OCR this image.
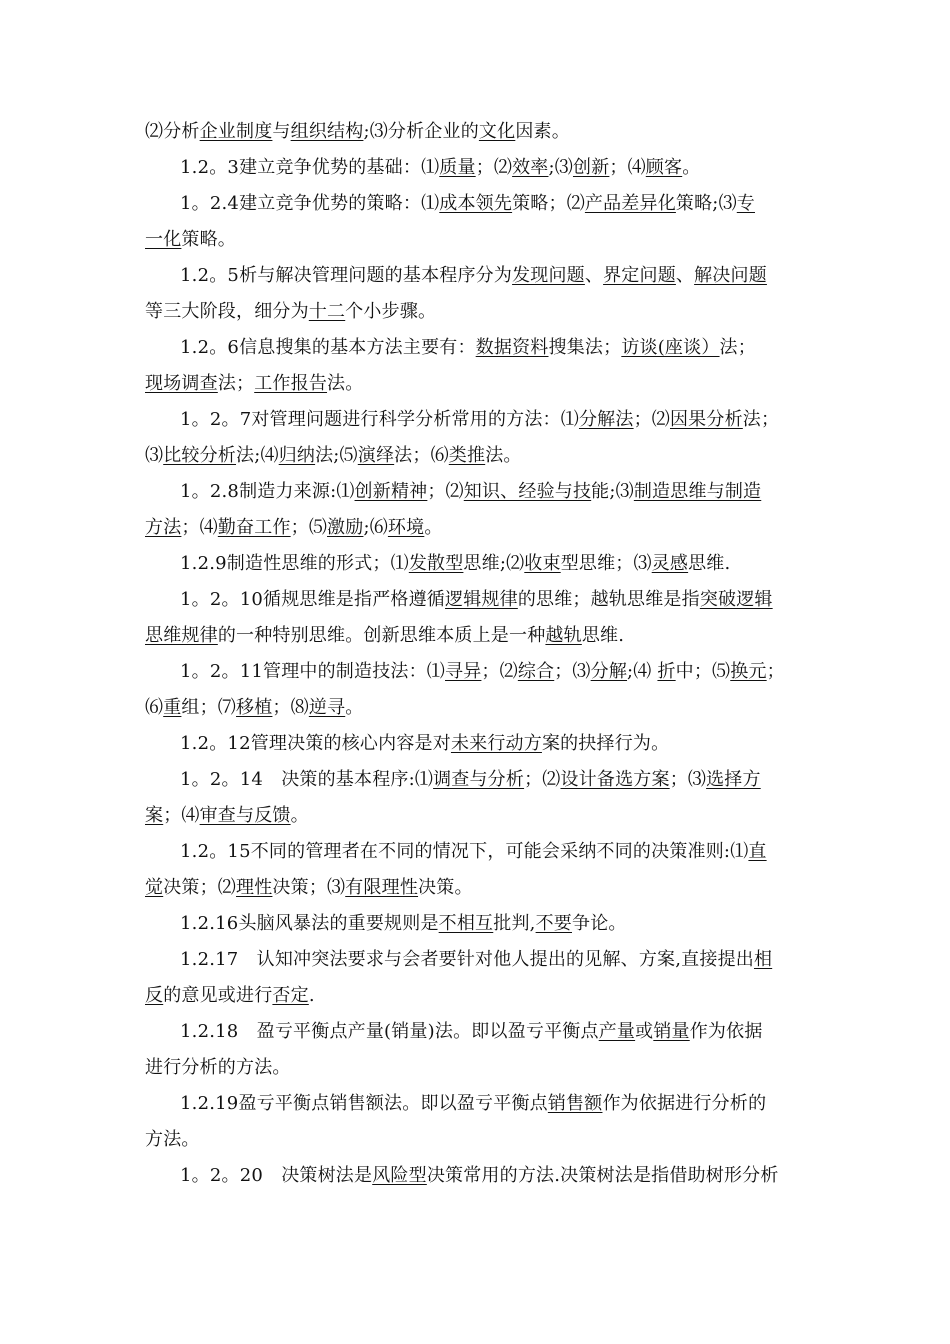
⑵分析企业制度与组织结构;⑶分析企业的文化因素。
1.2。3建立竞争优势的基础：⑴质量；⑵效率;⑶创新；⑷顾客。
1。2.4建立竞争优势的策略：⑴成本领先策略；⑵产品差异化策略;⑶专
一化策略。
1.2。5析与解决管理问题的基本程序分为发现问题、界定问题、解决问题
等三大阶段，细分为十二个小步骤。
1.2。6信息搜集的基本方法主要有：数据资料搜集法；访谈(座谈）法；
现场调查法；工作报告法。
1。2。7对管理问题进行科学分析常用的方法：⑴分解法；⑵因果分析法；
⑶比较分析法;⑷归纳法;⑸演绎法；⑹类推法。
1。2.8制造力来源:⑴创新精神；⑵知识、经验与技能;⑶制造思维与制造
方法；⑷勤奋工作；⑸激励;⑹环境。
1.2.9制造性思维的形式；⑴发散型思维;⑵收束型思维；⑶灵感思维.
1。2。10循规思维是指严格遵循逻辑规律的思维；越轨思维是指突破逻辑
思维规律的一种特别思维。创新思维本质上是一种越轨思维.
1。2。11管理中的制造技法：⑴寻异；⑵综合；⑶分解;⑷ 折中；⑸换元；
⑹重组；⑺移植；⑻逆寻。
1.2。12管理决策的核心内容是对未来行动方案的抉择行为。
1。2。14　决策的基本程序:⑴调查与分析；⑵设计备选方案；⑶选择方
案；⑷审查与反馈。
1.2。15不同的管理者在不同的情况下，可能会采纳不同的决策准则:⑴直
觉决策；⑵理性决策；⑶有限理性决策。
1.2.16头脑风暴法的重要规则是不相互批判,不要争论。
1.2.17　认知冲突法要求与会者要针对他人提出的见解、方案,直接提出相
反的意见或进行否定.
1.2.18　盈亏平衡点产量(销量)法。即以盈亏平衡点产量或销量作为依据
进行分析的方法。
1.2.19盈亏平衡点销售额法。即以盈亏平衡点销售额作为依据进行分析的
方法。
1。2。20　决策树法是风险型决策常用的方法.决策树法是指借助树形分析
